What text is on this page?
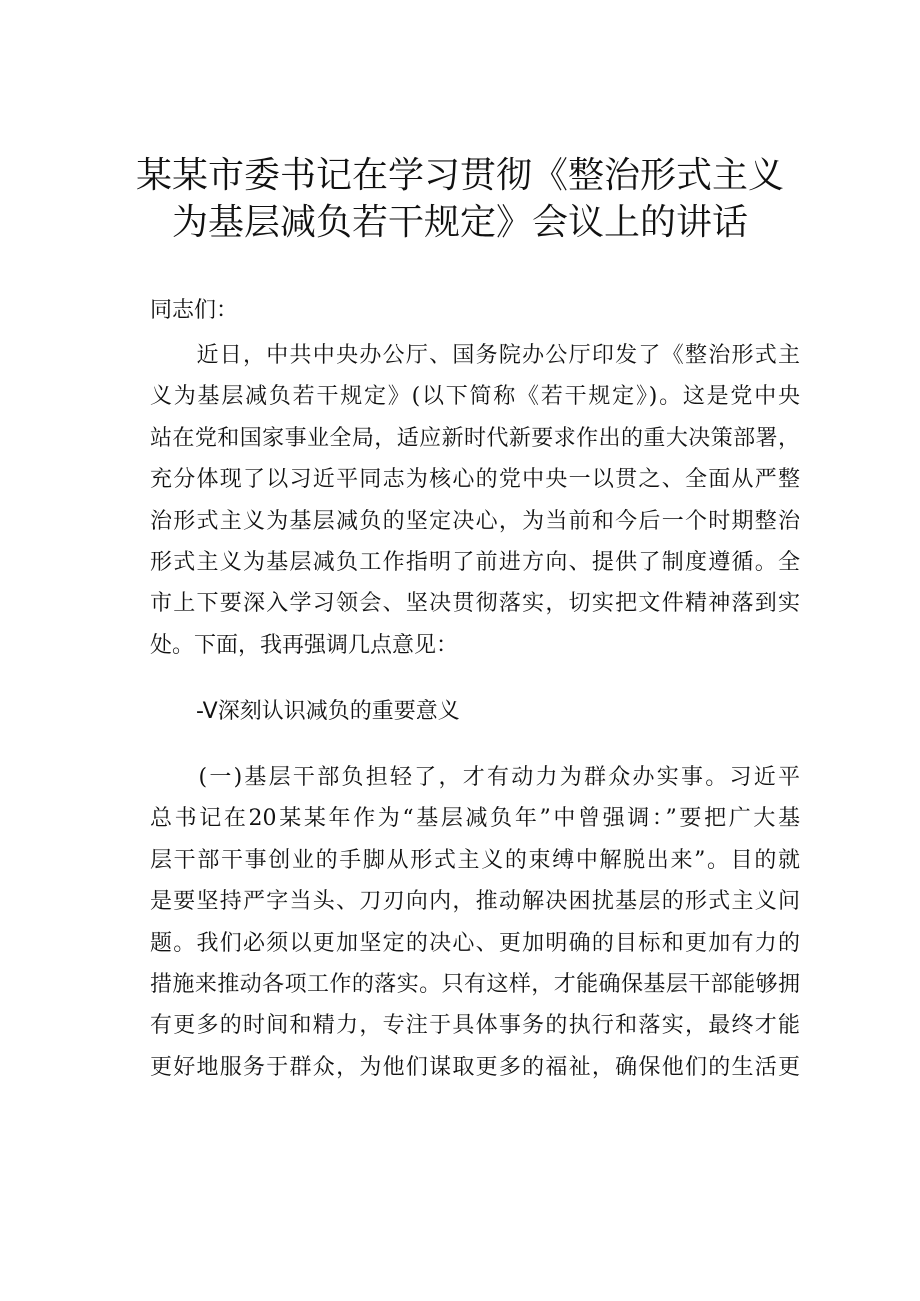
某某市委书记在学习贯彻《整治形式主义
为基层减负若干规定》会议上的讲话

同志们：

　　近日，中共中央办公厅、国务院办公厅印发了《整治形式主
义为基层减负若干规定》(以下简称《若干规定》)。这是党中央
站在党和国家事业全局，适应新时代新要求作出的重大决策部署，
充分体现了以习近平同志为核心的党中央一以贯之、全面从严整
治形式主义为基层减负的坚定决心，为当前和今后一个时期整治
形式主义为基层减负工作指明了前进方向、提供了制度遵循。全
市上下要深入学习领会、坚决贯彻落实，切实把文件精神落到实
处。下面，我再强调几点意见：

-V深刻认识减负的重要意义

　　(一)基层干部负担轻了，才有动力为群众办实事。习近平
总书记在20某某年作为“基层减负年”中曾强调：”要把广大基
层干部干事创业的手脚从形式主义的束缚中解脱出来”。目的就
是要坚持严字当头、刀刃向内，推动解决困扰基层的形式主义问
题。我们必须以更加坚定的决心、更加明确的目标和更加有力的
措施来推动各项工作的落实。只有这样，才能确保基层干部能够拥
有更多的时间和精力，专注于具体事务的执行和落实，最终才能
更好地服务于群众，为他们谋取更多的福祉，确保他们的生活更
